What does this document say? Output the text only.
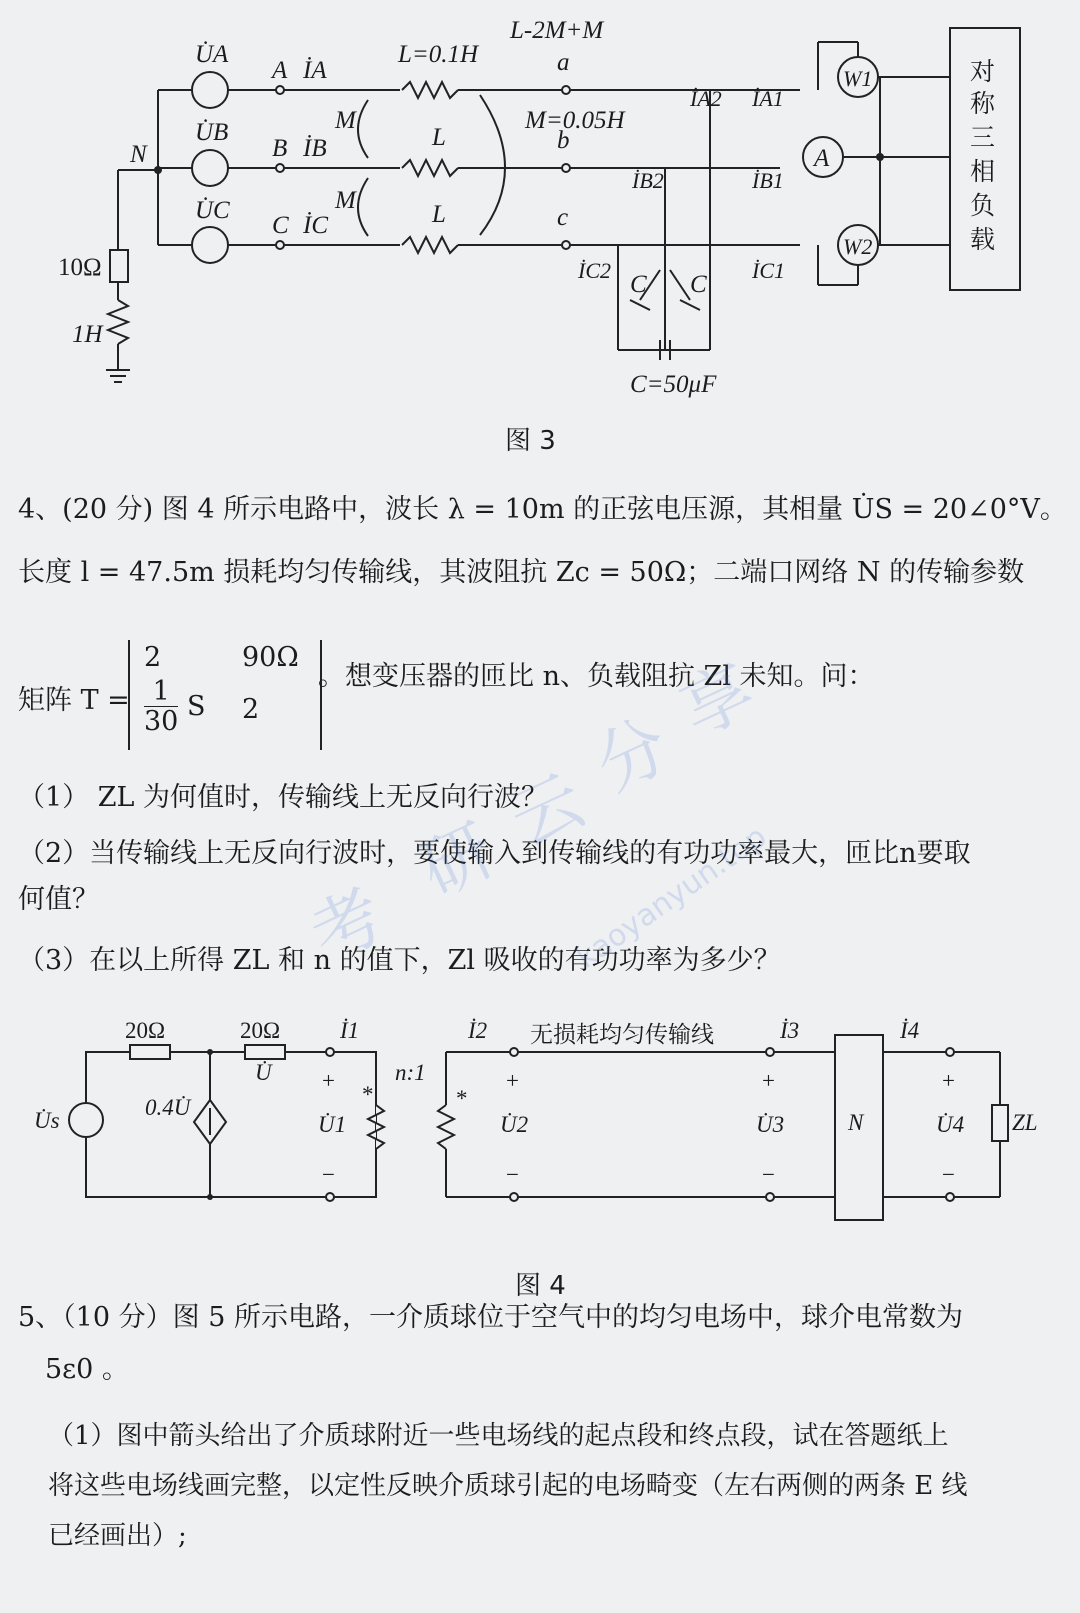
L-2M+M
U̇A
U̇B
U̇C
A
B
C
İA
İB
İC
N
L=0.1H
L
L
M
M
M=0.05H
a
b
c
İA2 İA1
İB2	İB1
İC2	İC1
10Ω
1H
C C
C=50μF
A
W1
W2
对
称
三
相
负
载
图 3
4、(20 分) 图 4 所示电路中，波长 λ = 10m 的正弦电压源，其相量 U̇S = 20∠0°V。
长度 l = 47.5m 损耗均匀传输线，其波阻抗 Zc = 50Ω；二端口网络 N 的传输参数
矩阵 T =
2	90Ω
$\frac{1}{30}$ S 2
。想变压器的匝比 n、负载阻抗 Zl 未知。问：
（1） ZL 为何值时，传输线上无反向行波？
（2）当传输线上无反向行波时，要使输入到传输线的有功功率最大，匝比n要取
何值？
（3）在以上所得 ZL 和 n 的值下，Zl 吸收的有功功率为多少？
20Ω	20Ω
0.4U̇
U̇
İ1
+
U̇1
−
U̇s
n:1
*	*
İ2 无损耗均匀传输线	İ3
+
U̇2
−
+
U̇3
−
N
İ4
+
U̇4
−
ZL
图 4
5、（10 分）图 5 所示电路，一介质球位于空气中的均匀电场中，球介电常数为
5ε0 。
（1）图中箭头给出了介质球附近一些电场线的起点段和终点段，试在答题纸上
将这些电场线画完整，以定性反映介质球引起的电场畸变（左右两侧的两条 E 线
已经画出）;
考
研
云
分
享
kaoyanyun.top
